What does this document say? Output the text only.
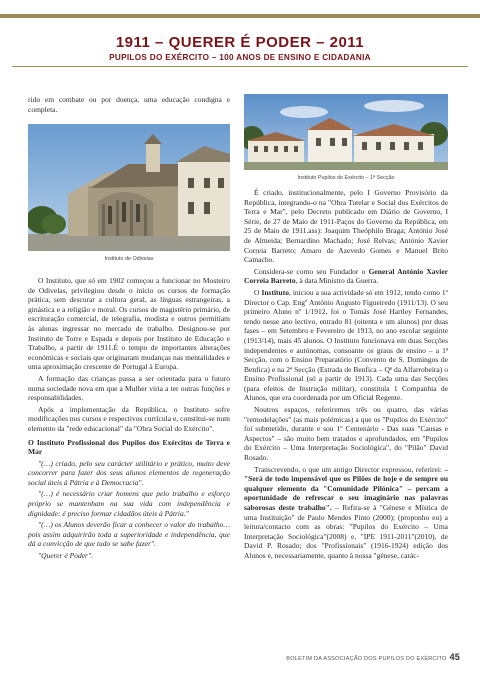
1911 – QUERER É PODER – 2011
PUPILOS DO EXÉRCITO – 100 ANOS DE ENSINO E CIDADANIA
Instituto de Odivelas
Instituto Pupilos do Exército – 1ª Secção

rido em combate ou por doença, uma educação condigna e completa.

O Instituto, que só em 1902 começou a funcionar no Mosteiro de Odivelas, privilegiou desde o início os cursos de formação prática, sem descurar a cultura geral, as línguas estrangeiras, a ginástica e a religião e moral. Os cursos de magistério primário, de escrituração comercial, de telegrafia, modista e outros permitiam às alunas ingressar no mercado de trabalho. Designou-se por Instituto de Torre e Espada e depois por Instituto de Educação e Trabalho, a partir de 1911.É o tempo de importantes alterações económicas e sociais que originaram mudanças nas mentalidades e uma aproximação crescente de Portugal à Europa.

A formação das crianças passa a ser orientada para o futuro numa sociedade nova em que a Mulher viria a ter outras funções e responsabilidades.

Após a implementação da República, o Instituto sofre modificações nos cursos e respectivos currícula e, constitui-se num elemento da "rede educacional" da "Obra Social do Exército".

O Instituto Profissional dos Pupilos dos Exércitos de Terra e Mar

"(…) criado, pelo seu carácter utilitário e prático, muito deve concorrer para fazer dos seus alunos elementos de regeneração social úteis à Pátria e à Democracia".

"(…) é necessário criar homens que pelo trabalho e esforço próprio se mantenham na sua vida com independência e dignidade: é preciso formar cidadãos úteis à Pátria."

"(…) os Alunos deverão ficar a conhecer o valor do trabalho… pois assim adquirirão toda a superioridade e independência, que dá a convicção de que tudo se sabe fazer".

"Querer é Poder".

É criado, institucionalmente, pelo I Governo Provisório da República, integrando-o na "Obra Tutelar e Social dos Exércitos de Terra e Mar", pelo Decreto publicado em Diário de Governo, I Série, de 27 de Maio de 1911-Paços do Governo da República, em 25 de Maio de 1911.ass): Joaquim Theóphilo Braga; António José de Almeida; Bernardino Machado; José Relvas; António Xavier Correia Barreto; Amaro de Azevedo Gomes e Manuel Brito Camacho.

Considera-se como seu Fundador o General António Xavier Correia Barreto, à data Ministro da Guerra.

O Instituto, iniciou a sua actividade só em 1912, tendo como 1º Director o Cap. Engº António Augusto Figueiredo (1911/13). O seu primeiro Aluno nº 1/1912, foi o Tomás José Hartley Fernandes, tendo nesse ano lectivo, entrado 81 (oitenta e um alunos) por duas fases – em Setembro e Fevereiro de 1913, no ano escolar seguinte (1913/14), mais 45 alunos. O Instituto funcionava em duas Secções independentes e autónomas, consoante os graus de ensino – a 1ª Secção, com o Ensino Preparatório (Convento de S. Domingos de Benfica) e na 2ª Secção (Estrada de Benfica – Qª da Alfarrobeira) o Ensino Profissional (só a partir de 1913). Cada uma das Secções (para efeitos de Instrução militar), constituía 1 Companhia de Alunos, que era coordenada por um Oficial Regente.

Noutros espaços, referiremos três ou quatro, das várias "remodelações" (as mais polémicas) a que os "Pupilos do Exército" foi submetido, durante e sou 1º Centenário - Das suas "Causas e Aspectos" – são muito bem tratados e aprofundados, em "Pupilos do Exército – Uma Interpretação Sociológica", do "Pilão" David Rosado.

Transcrevendo, o que um antigo Director expressou, referirei: – "Será de todo impensável que os Pilões de hoje e de sempre ou qualquer elemento da "Comunidade Pilónica" – percam a oportunidade de refrescar o seu imaginário nas palavras saborosas deste trabalho". – Refira-se à "Génese e Mística de uma Instituição" de Paulo Mendes Pinto (2000); (proponho eu) a leitura/contacto com as obras: "Pupilos do Exército – Uma Interpretação Sociológica"(2008) e, "IPE 1911-2011"(2010), de David P. Rosado; dos "Profissionais" (1916-1924) edição dos Alunos e, necessariamente, quanto à nossa "génese, carác-

BOLETIM DA ASSOCIAÇÃO DOS PUPILOS DO EXÉRCITO 45
